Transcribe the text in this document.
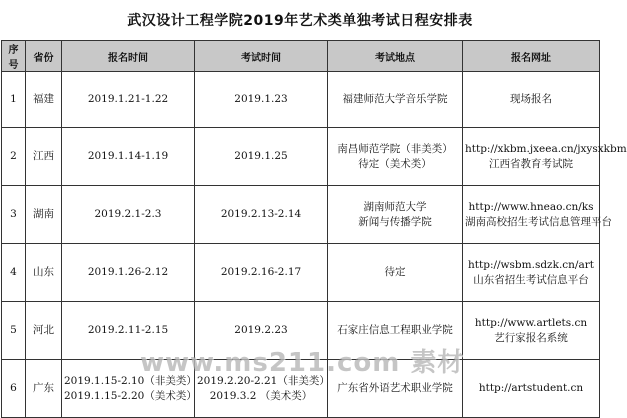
武汉设计工程学院2019年艺术类单独考试日程安排表
序号	省份	报名时间	考试时间	考试地点	报名网址
1	福建	2019.1.21-1.22	2019.1.23	福建师范大学音乐学院	现场报名

2	江西	2019.1.14-1.19	2019.1.25	南昌师范学院（非美类）
待定（美术类）	http://xkbm.jxeea.cn/jxysxkbm
江西省教育考试院

3	湖南	2019.2.1-2.3	2019.2.13-2.14	湖南师范大学
新闻与传播学院	http://www.hneao.cn/ks
湖南高校招生考试信息管理平台

4	山东	2019.1.26-2.12	2019.2.16-2.17	待定	http://wsbm.sdzk.cn/art
山东省招生考试信息平台

5	河北	2019.2.11-2.15	2019.2.23	石家庄信息工程职业学院	http://www.artlets.cn
艺行家报名系统

6	广东	2019.1.15-2.10（非美类）
2019.1.15-2.20（美术类）	2019.2.20-2.21（非美类）
2019.3.2 （美术类）	广东省外语艺术职业学院	http://artstudent.cn
www.ms211.com 素材
